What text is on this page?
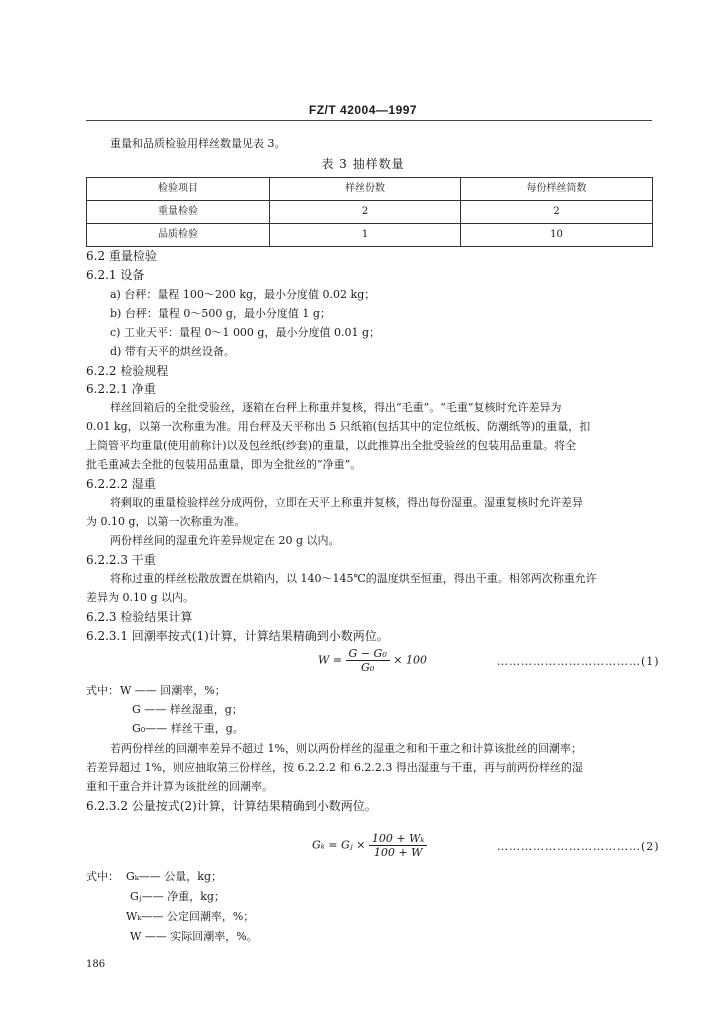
FZ/T 42004—1997
重量和品质检验用样丝数量见表 3。
表 3 抽样数量
检验项目	样丝份数	每份样丝筒数
重量检验	2	2
品质检验	1	10
6.2 重量检验
6.2.1 设备
a) 台秤：量程 100～200 kg，最小分度值 0.02 kg；
b) 台秤：量程 0～500 g，最小分度值 1 g；
c) 工业天平：量程 0～1 000 g，最小分度值 0.01 g；
d) 带有天平的烘丝设备。
6.2.2 检验规程
6.2.2.1 净重
样丝回箱后的全批受验丝，逐箱在台秤上称重并复核，得出“毛重”。“毛重”复核时允许差异为
0.01 kg，以第一次称重为准。用台秤及天平称出 5 只纸箱(包括其中的定位纸板、防潮纸等)的重量，扣
上筒管平均重量(使用前称计)以及包丝纸(纱套)的重量，以此推算出全批受验丝的包装用品重量。将全
批毛重减去全批的包装用品重量，即为全批丝的“净重”。
6.2.2.2 湿重
将剩取的重量检验样丝分成两份，立即在天平上称重并复核，得出每份湿重。湿重复核时允许差异
为 0.10 g，以第一次称重为准。
两份样丝间的湿重允许差异规定在 20 g 以内。
6.2.2.3 干重
将称过重的样丝松散放置在烘箱内，以 140～145℃的温度烘至恒重，得出干重。相邻两次称重允许
差异为 0.10 g 以内。
6.2.3 检验结果计算
6.2.3.1 回潮率按式(1)计算，计算结果精确到小数两位。
$W = \frac{\text{G − G₀}}{\text{G₀}} \times 100$	………………………………(1)
式中： W —— 回潮率，%；
G —— 样丝湿重，g；
G₀—— 样丝干重，g。
若两份样丝的回潮率差异不超过 1%，则以两份样丝的湿重之和和干重之和计算该批丝的回潮率；
若差异超过 1%，则应抽取第三份样丝，按 6.2.2.2 和 6.2.2.3 得出湿重与干重，再与前两份样丝的湿
重和干重合并计算为该批丝的回潮率。
6.2.3.2 公量按式(2)计算，计算结果精确到小数两位。
Gₖ = Gⱼ × $\frac{\text{100 + Wₖ}}{100 + W}$	………………………………(2)
式中： Gₖ—— 公量，kg；
Gⱼ—— 净重，kg；
Wₖ—— 公定回潮率，%；
W —— 实际回潮率，%。
186
